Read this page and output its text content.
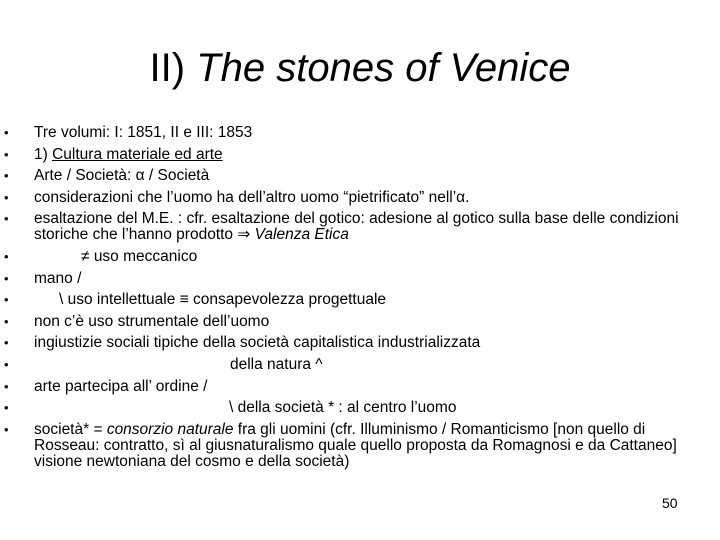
II) The stones of Venice
• Tre volumi: I: 1851, II e III: 1853
• 1) Cultura materiale ed arte
• Arte / Società: α / Società
• considerazioni che l’uomo ha dell’altro uomo “pietrificato” nell’α.
• esaltazione del M.E. : cfr. esaltazione del gotico: adesione al gotico sulla base delle condizioni storiche che l’hanno prodotto ⇒ Valenza Etica
•	≠ uso meccanico
• mano /
•	\ uso intellettuale ≡ consapevolezza progettuale
• non c’è uso strumentale dell’uomo
• ingiustizie sociali tipiche della società capitalistica industrializzata
•	della natura ^
• arte partecipa all’ ordine /
•	\ della società * : al centro l’uomo
• società* = consorzio naturale fra gli uomini (cfr. Illuminismo / Romanticismo [non quello di Rosseau: contratto, sì al giusnaturalismo quale quello proposta da Romagnosi e da Cattaneo] visione newtoniana del cosmo e della società)
50
